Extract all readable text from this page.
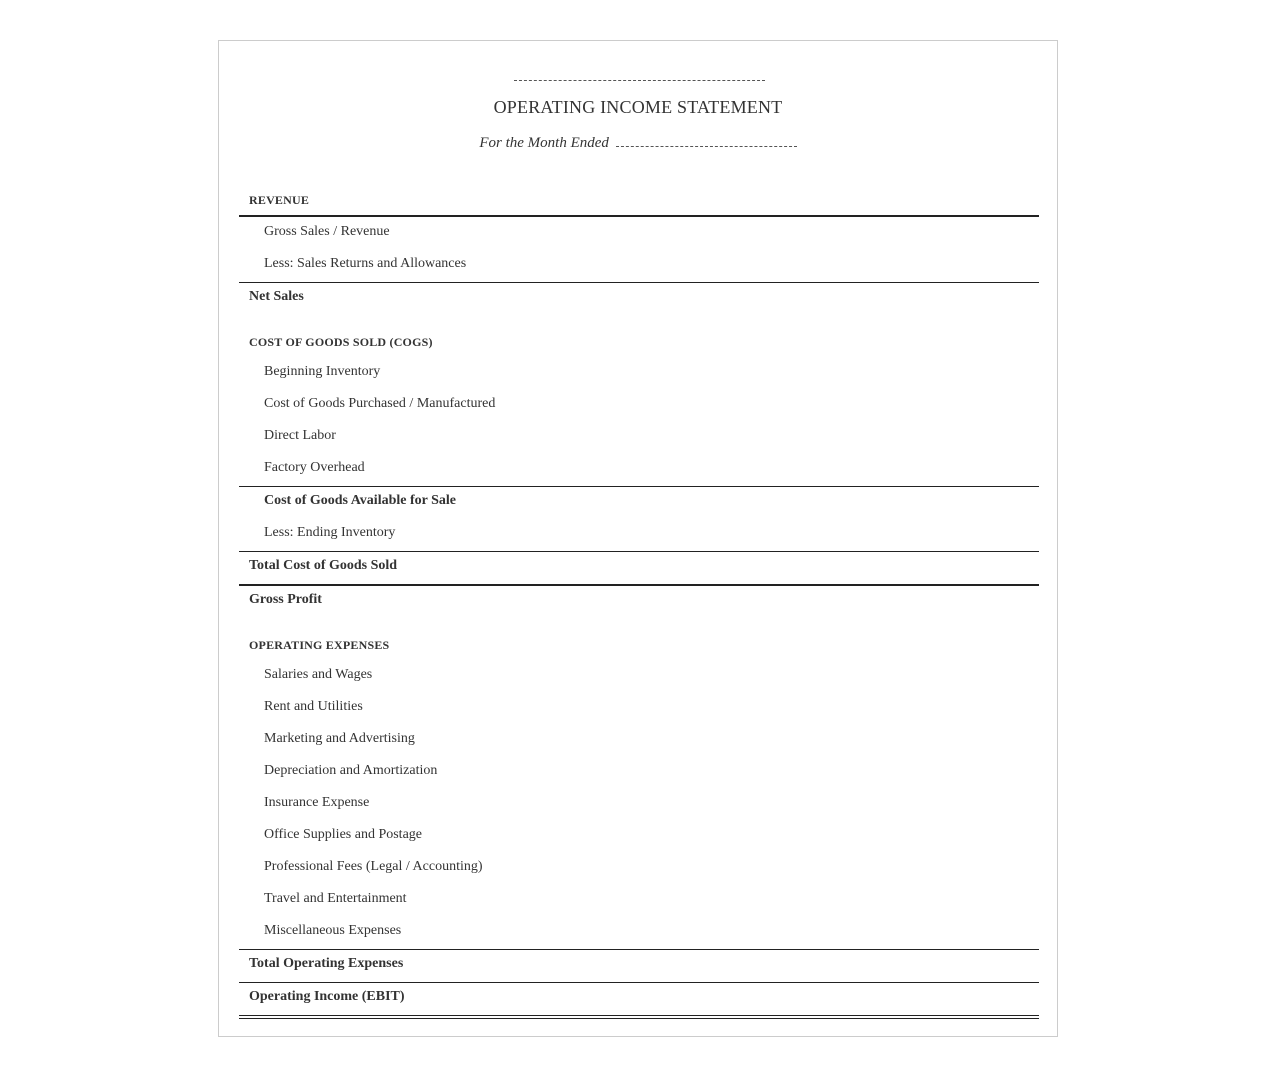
OPERATING INCOME STATEMENT
For the Month Ended
REVENUE
Gross Sales / Revenue
Less: Sales Returns and Allowances
Net Sales
COST OF GOODS SOLD (COGS)
Beginning Inventory
Cost of Goods Purchased / Manufactured
Direct Labor
Factory Overhead
Cost of Goods Available for Sale
Less: Ending Inventory
Total Cost of Goods Sold
Gross Profit
OPERATING EXPENSES
Salaries and Wages
Rent and Utilities
Marketing and Advertising
Depreciation and Amortization
Insurance Expense
Office Supplies and Postage
Professional Fees (Legal / Accounting)
Travel and Entertainment
Miscellaneous Expenses
Total Operating Expenses
Operating Income (EBIT)
